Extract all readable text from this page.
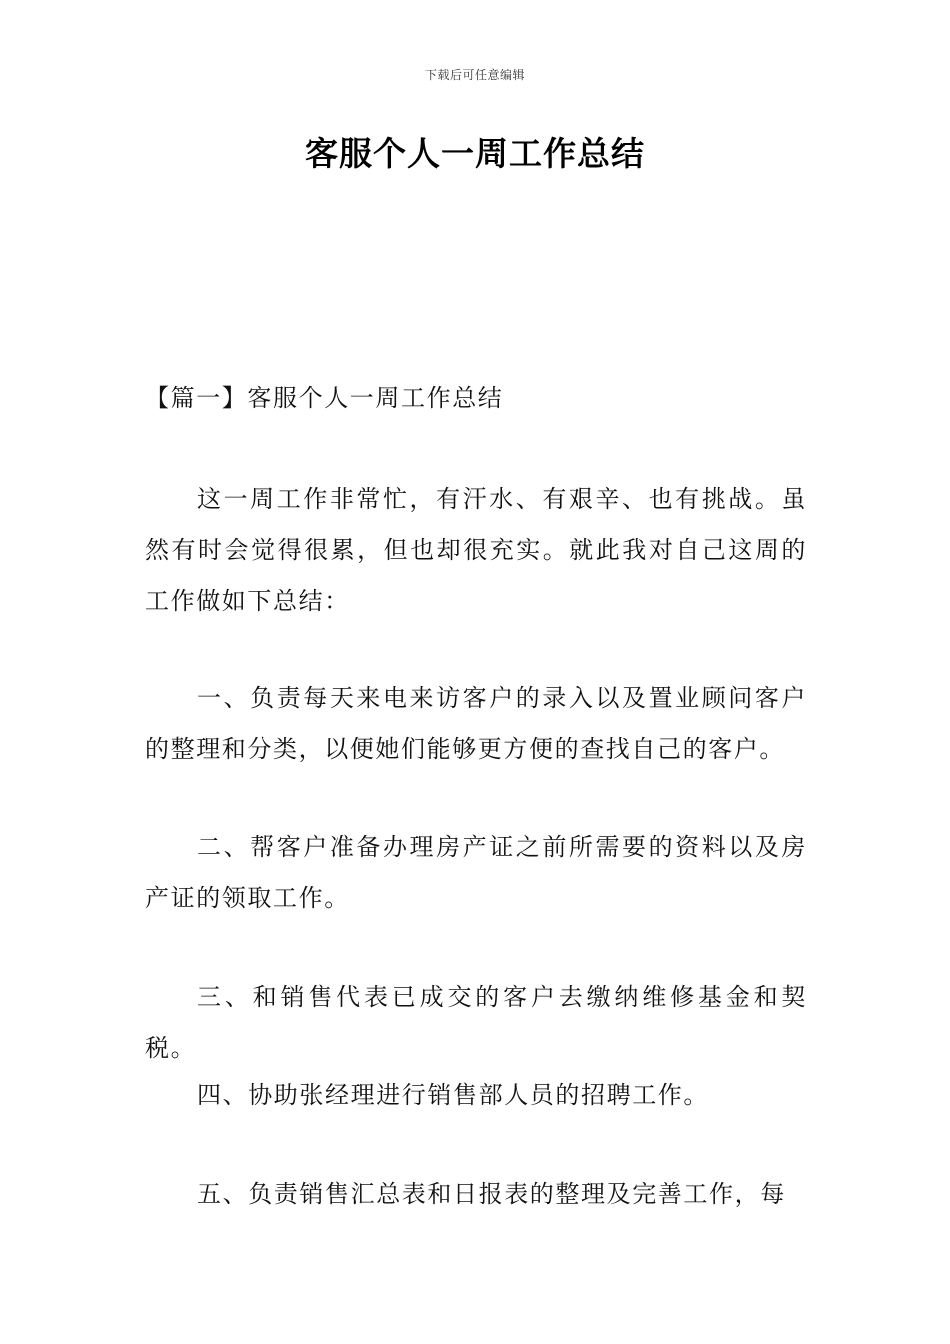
下载后可任意编辑
客服个人一周工作总结

【篇一】客服个人一周工作总结

这一周工作非常忙，有汗水、有艰辛、也有挑战。虽然有时会觉得很累，但也却很充实。就此我对自己这周的工作做如下总结：

一、负责每天来电来访客户的录入以及置业顾问客户的整理和分类，以便她们能够更方便的查找自己的客户。

二、帮客户准备办理房产证之前所需要的资料以及房产证的领取工作。

三、和销售代表已成交的客户去缴纳维修基金和契税。

四、协助张经理进行销售部人员的招聘工作。

五、负责销售汇总表和日报表的整理及完善工作，每
